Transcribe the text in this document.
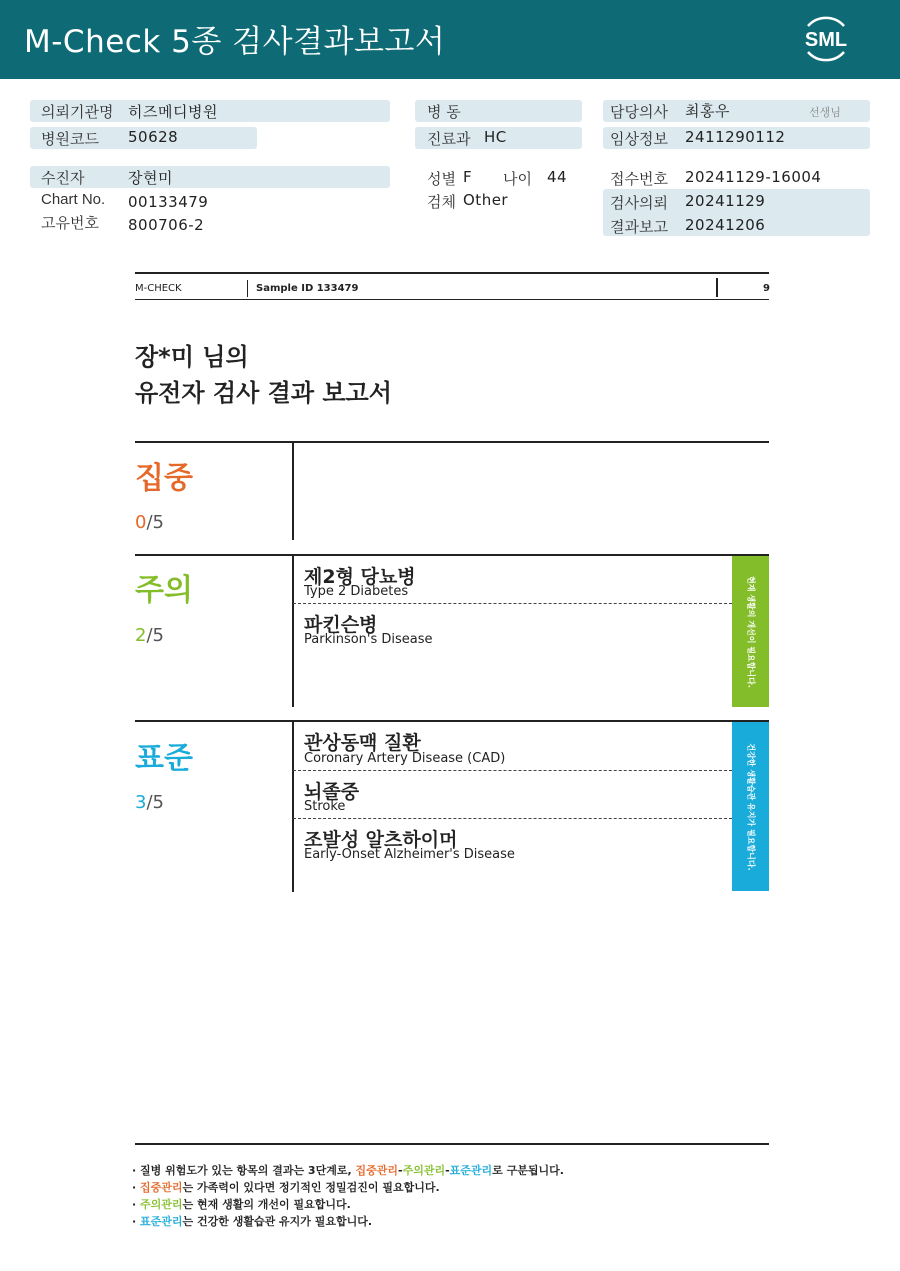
M-Check 5종 검사결과보고서	SML
의뢰기관명 히즈메디병원
병원코드 50628
병 동
진료과 HC
담당의사 최홍우	선생님
임상정보 2411290112
수진자	장현미
Chart No. 00133479
고유번호 800706-2
성별 F 나이 44
검체 Other
접수번호 20241129-16004
검사의뢰 20241129
결과보고 20241206
M-CHECK	Sample ID 133479	9
장*미 님의
유전자 검사 결과 보고서
집중
0/5
주의
2/5	현재 생활의 개선이 필요합니다.
제2형 당뇨병
Type 2 Diabetes
파킨슨병
Parkinson's Disease
표준
3/5	건강한 생활습관 유지가 필요합니다.
관상동맥 질환
Coronary Artery Disease (CAD)
뇌졸중
Stroke
조발성 알츠하이머
Early-Onset Alzheimer's Disease
· 질병 위험도가 있는 항목의 결과는 3단계로, 집중관리-주의관리-표준관리로 구분됩니다.
· 집중관리는 가족력이 있다면 정기적인 정밀검진이 필요합니다.
· 주의관리는 현재 생활의 개선이 필요합니다.
· 표준관리는 건강한 생활습관 유지가 필요합니다.
